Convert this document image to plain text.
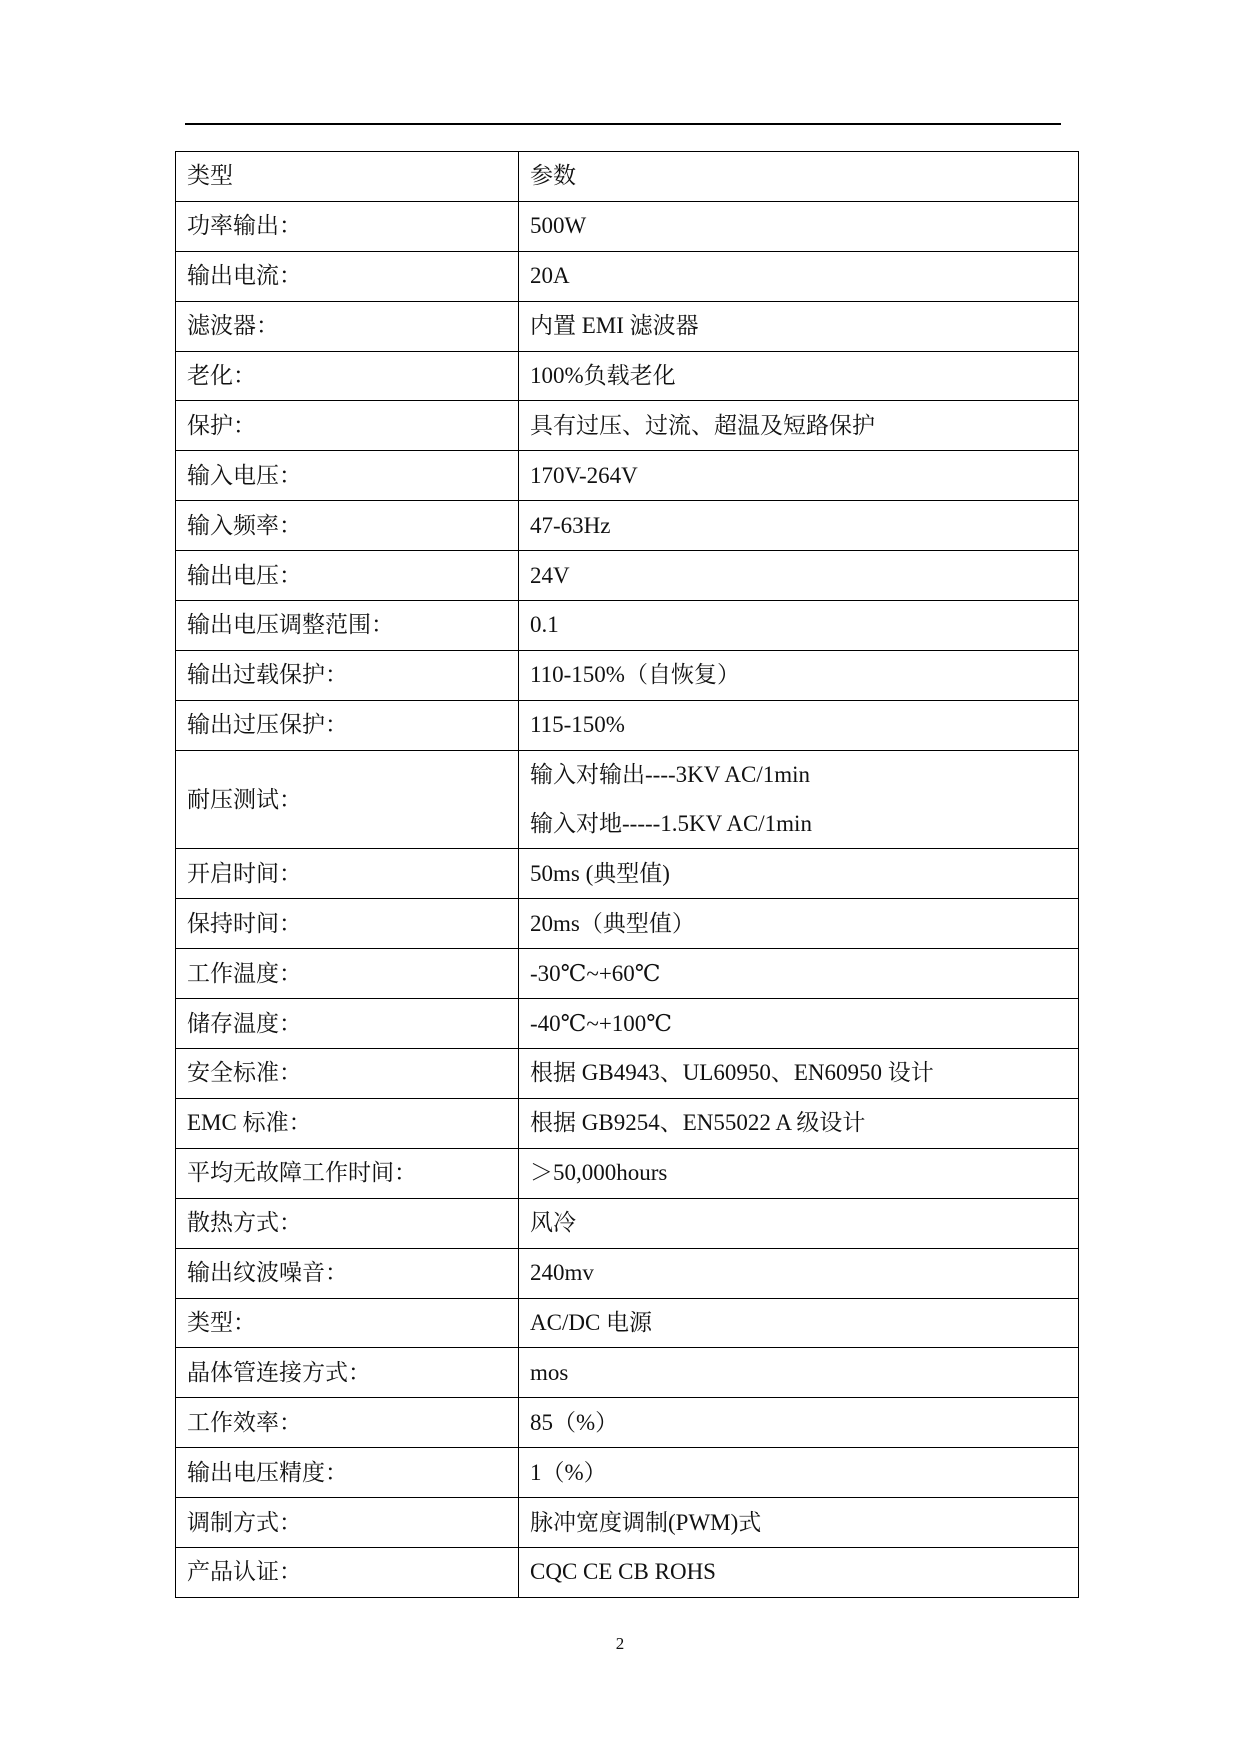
类型	参数
功率输出：	500W
输出电流：	20A
滤波器：	内置 EMI 滤波器
老化：	100%负载老化
保护：	具有过压、过流、超温及短路保护
输入电压：	170V-264V
输入频率：	47-63Hz
输出电压：	24V
输出电压调整范围：	0.1
输出过载保护：	110-150%（自恢复）
输出过压保护：	115-150%
耐压测试：	输入对输出----3KV AC/1min
输入对地-----1.5KV AC/1min

开启时间：	50ms (典型值)
保持时间：	20ms（典型值）
工作温度：	-30℃~+60℃
储存温度：	-40℃~+100℃
安全标准：	根据 GB4943、UL60950、EN60950 设计
EMC 标准：	根据 GB9254、EN55022 A 级设计
平均无故障工作时间：	＞50,000hours
散热方式：	风冷
输出纹波噪音：	240mv
类型：	AC/DC 电源
晶体管连接方式：	mos
工作效率：	85（%）
输出电压精度：	1（%）
调制方式：	脉冲宽度调制(PWM)式
产品认证：	CQC CE CB ROHS
2
